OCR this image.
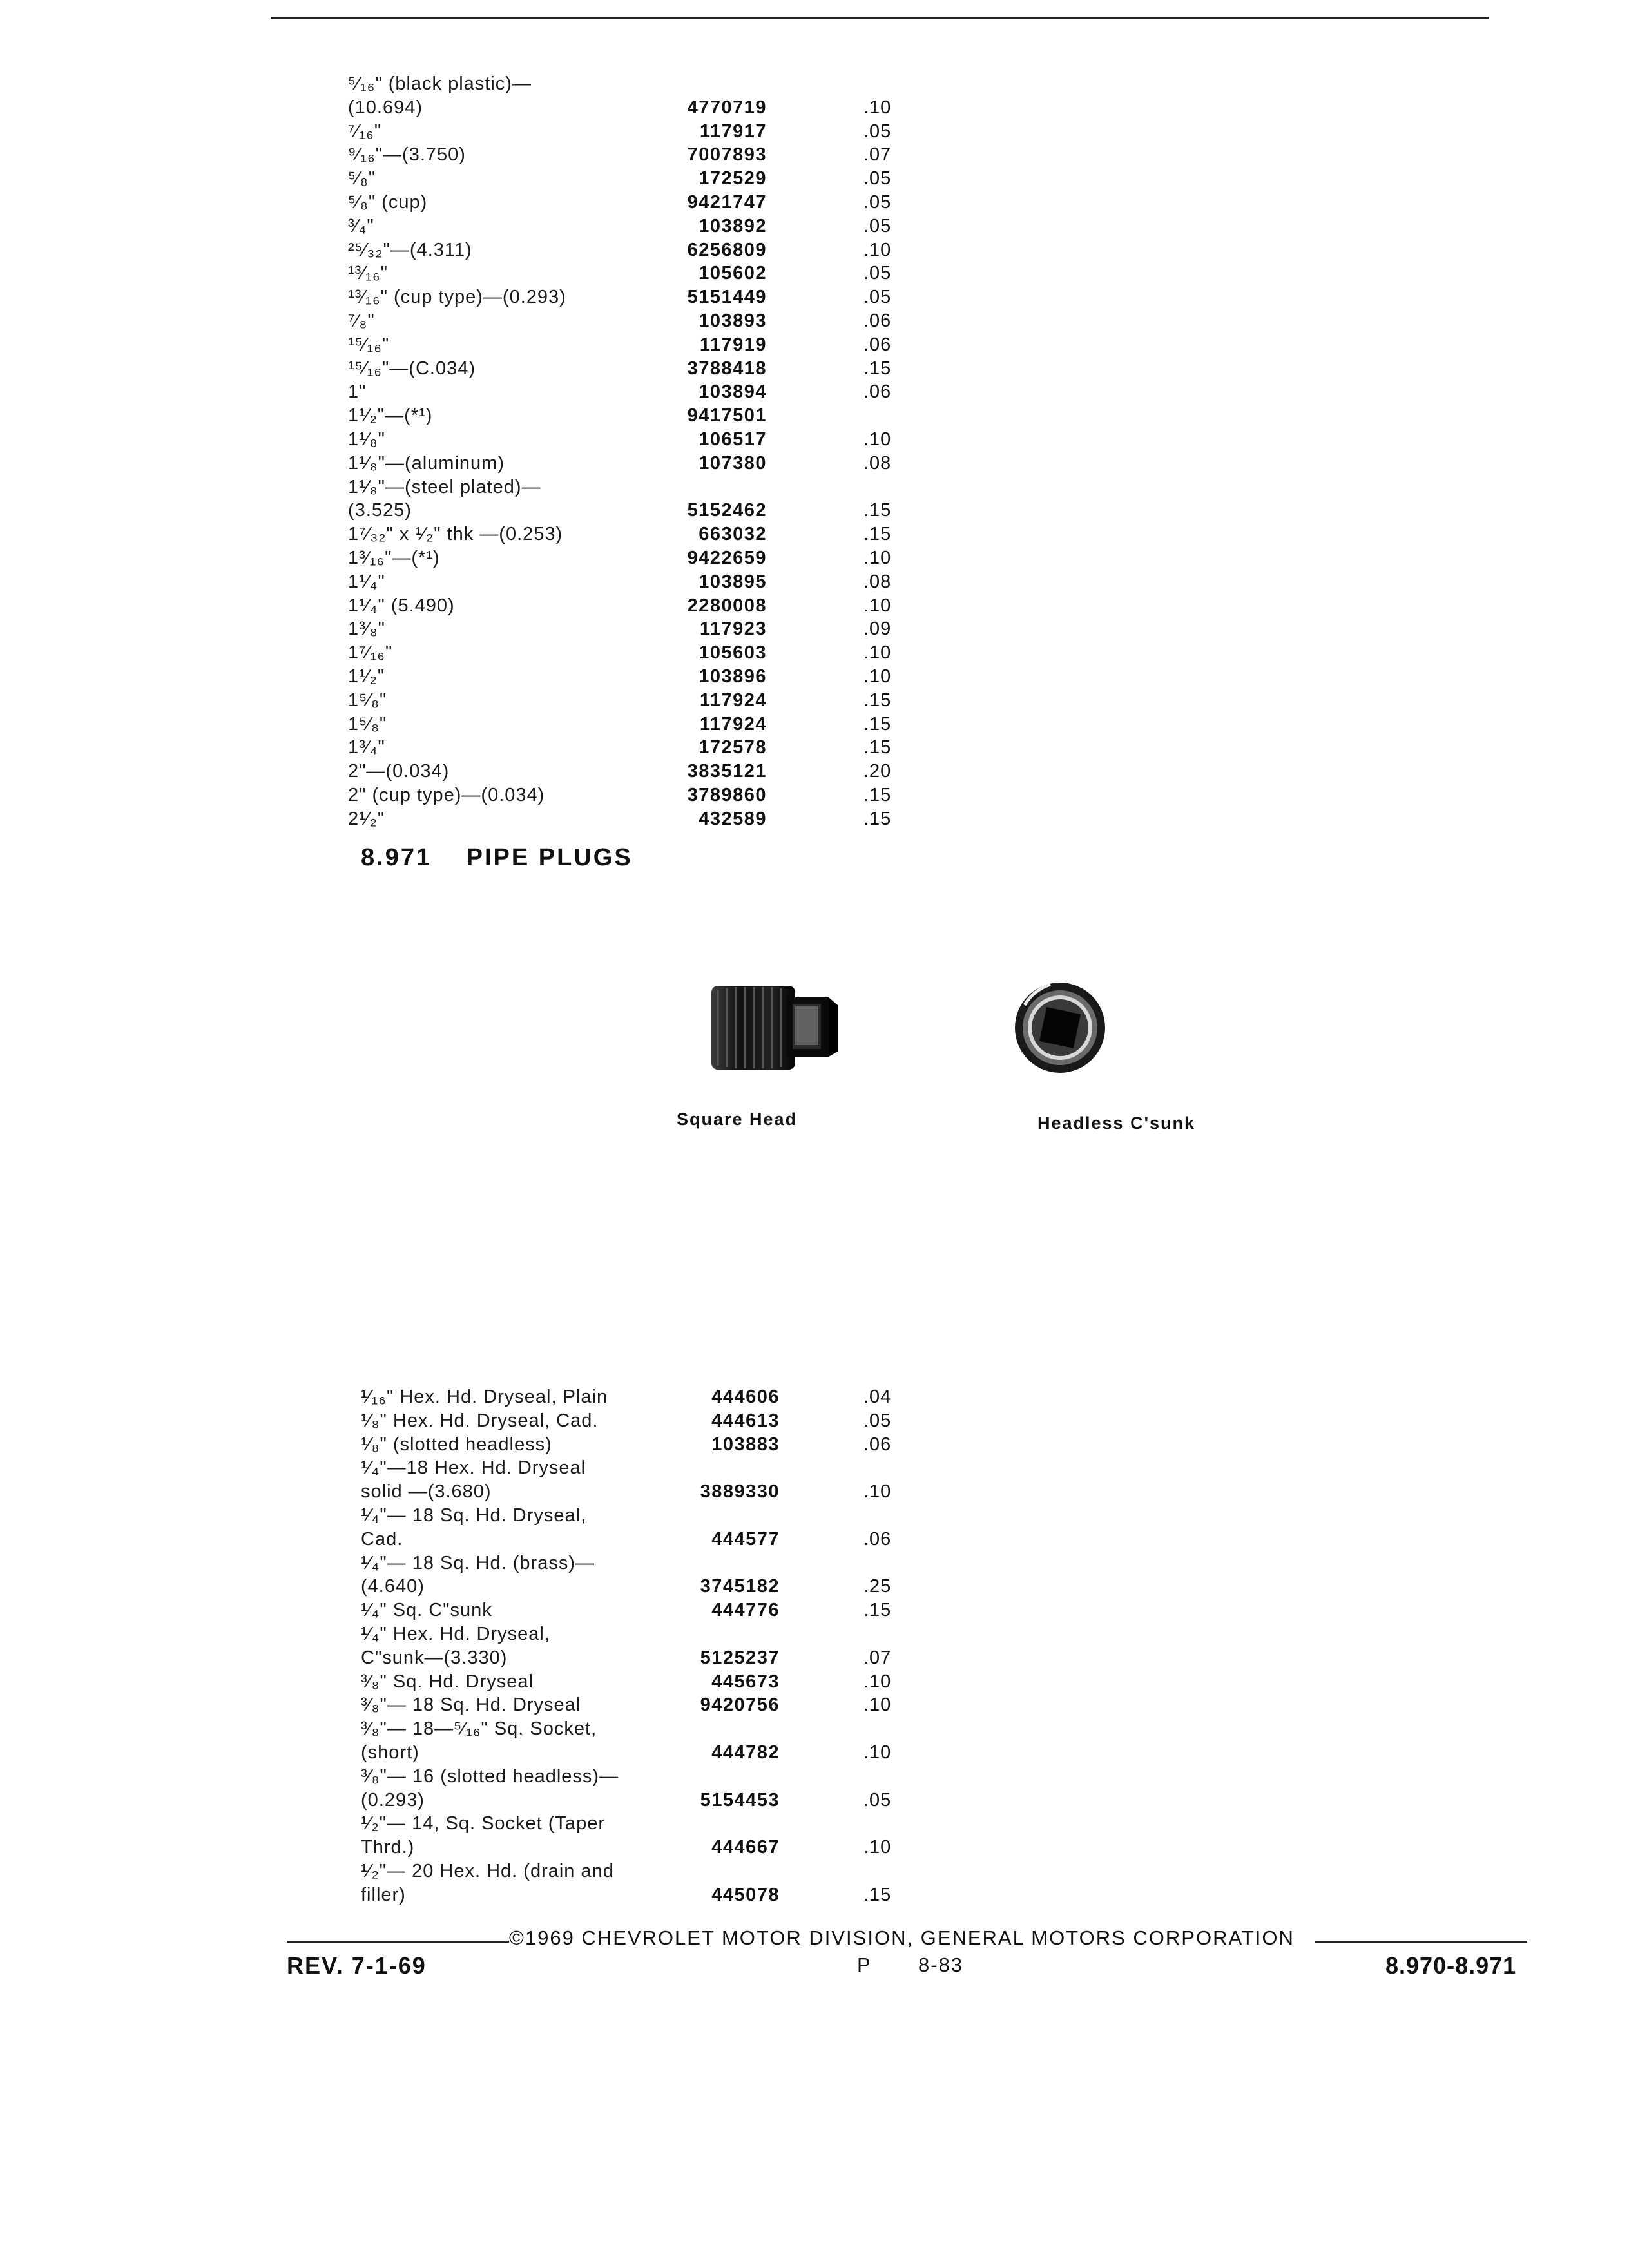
⁵⁄₁₆" (black plastic)—
(10.694)	4770719	.10
⁷⁄₁₆"	117917	.05
⁹⁄₁₆"—(3.750)	7007893	.07
⁵⁄₈"	172529	.05
⁵⁄₈" (cup)	9421747	.05
³⁄₄"	103892	.05
²⁵⁄₃₂"—(4.311)	6256809	.10
¹³⁄₁₆"	105602	.05
¹³⁄₁₆" (cup type)—(0.293)	5151449	.05
⁷⁄₈"	103893	.06
¹⁵⁄₁₆"	117919	.06
¹⁵⁄₁₆"—(C.034)	3788418	.15
1"	103894	.06
1¹⁄₂"—(*¹)	9417501
1¹⁄₈"	106517	.10
1¹⁄₈"—(aluminum)	107380	.08
1¹⁄₈"—(steel plated)—
(3.525)	5152462	.15
1⁷⁄₃₂" x ¹⁄₂" thk —(0.253)	663032	.15
1³⁄₁₆"—(*¹)	9422659	.10
1¹⁄₄"	103895	.08
1¹⁄₄" (5.490)	2280008	.10
1³⁄₈"	117923	.09
1⁷⁄₁₆"	105603	.10
1¹⁄₂"	103896	.10
1⁵⁄₈"	117924	.15
1⁵⁄₈"	117924	.15
1³⁄₄"	172578	.15
2"—(0.034)	3835121	.20
2" (cup type)—(0.034)	3789860	.15
2¹⁄₂"	432589	.15
8.971 PIPE PLUGS
Square Head	Headless C'sunk
¹⁄₁₆" Hex. Hd. Dryseal, Plain	444606	.04
¹⁄₈" Hex. Hd. Dryseal, Cad.	444613	.05
¹⁄₈" (slotted headless)	103883	.06
¹⁄₄"—18 Hex. Hd. Dryseal
solid —(3.680)	3889330	.10
¹⁄₄"— 18 Sq. Hd. Dryseal,
Cad.	444577	.06
¹⁄₄"— 18 Sq. Hd. (brass)—
(4.640)	3745182	.25
¹⁄₄" Sq. C"sunk	444776	.15
¹⁄₄" Hex. Hd. Dryseal,
C"sunk—(3.330)	5125237	.07
³⁄₈" Sq. Hd. Dryseal	445673	.10
³⁄₈"— 18 Sq. Hd. Dryseal	9420756	.10
³⁄₈"— 18—⁵⁄₁₆" Sq. Socket,
(short)	444782	.10
³⁄₈"— 16 (slotted headless)—
(0.293)	5154453	.05
¹⁄₂"— 14, Sq. Socket (Taper
Thrd.)	444667	.10
¹⁄₂"— 20 Hex. Hd. (drain and
filler)	445078	.15
©1969 CHEVROLET MOTOR DIVISION, GENERAL MOTORS CORPORATION
REV. 7-1-69	P 8-83	8.970-8.971
